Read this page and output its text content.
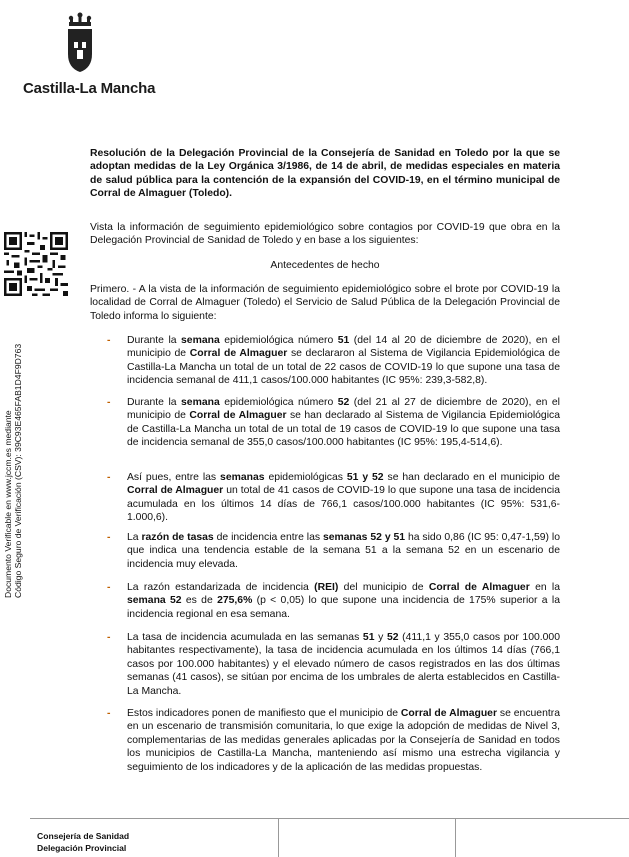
Castilla-La Mancha
Resolución de la Delegación Provincial de la Consejería de Sanidad en Toledo por la que se adoptan medidas de la Ley Orgánica 3/1986, de 14 de abril, de medidas especiales en materia de salud pública para la contención de la expansión del COVID-19, en el término municipal de Corral de Almaguer (Toledo).
Vista la información de seguimiento epidemiológico sobre contagios por COVID-19 que obra en la Delegación Provincial de Sanidad de Toledo y en base a los siguientes:
Antecedentes de hecho
Primero. - A la vista de la información de seguimiento epidemiológico sobre el brote por COVID-19 la localidad de Corral de Almaguer (Toledo) el Servicio de Salud Pública de la Delegación Provincial de Toledo informa lo siguiente:
-	Durante la semana epidemiológica número 51 (del 14 al 20 de diciembre de 2020), en el municipio de Corral de Almaguer se declararon al Sistema de Vigilancia Epidemiológica de Castilla-La Mancha un total de un total de 22 casos de COVID-19 lo que supone una tasa de incidencia semanal de 411,1 casos/100.000 habitantes (IC 95%: 239,3-582,8).
-	Durante la semana epidemiológica número 52 (del 21 al 27 de diciembre de 2020), en el municipio de Corral de Almaguer se han declarado al Sistema de Vigilancia Epidemiológica de Castilla-La Mancha un total de un total de 19 casos de COVID-19 lo que supone una tasa de incidencia semanal de 355,0 casos/100.000 habitantes (IC 95%: 195,4-514,6).
-	Así pues, entre las semanas epidemiológicas 51 y 52 se han declarado en el municipio de Corral de Almaguer un total de 41 casos de COVID-19 lo que supone una tasa de incidencia acumulada en los últimos 14 días de 766,1 casos/100.000 habitantes (IC 95%: 531,6-1.000,6).
-	La razón de tasas de incidencia entre las semanas 52 y 51 ha sido 0,86 (IC 95: 0,47-1,59) lo que indica una tendencia estable de la semana 51 a la semana 52 en un escenario de incidencia muy elevada.
-	La razón estandarizada de incidencia (REI) del municipio de Corral de Almaguer en la semana 52 es de 275,6% (p < 0,05) lo que supone una incidencia de 175% superior a la incidencia regional en esa semana.
-	La tasa de incidencia acumulada en las semanas 51 y 52 (411,1 y 355,0 casos por 100.000 habitantes respectivamente), la tasa de incidencia acumulada en los últimos 14 días (766,1 casos por 100.000 habitantes) y el elevado número de casos registrados en las dos últimas semanas (41 casos), se sitúan por encima de los umbrales de alerta establecidos en Castilla-La Mancha.
-	Estos indicadores ponen de manifiesto que el municipio de Corral de Almaguer se encuentra en un escenario de transmisión comunitaria, lo que exige la adopción de medidas de Nivel 3, complementarias de las medidas generales aplicadas por la Consejería de Sanidad en todos los municipios de Castilla-La Mancha, manteniendo así mismo una estrecha vigilancia y seguimiento de los indicadores y de la aplicación de las medidas propuestas.
Documento Verificable en www.jccm.es mediante Código Seguro de Verificación (CSV): 39C93E465FAB1D4F9D763
Consejería de Sanidad
Delegación Provincial
